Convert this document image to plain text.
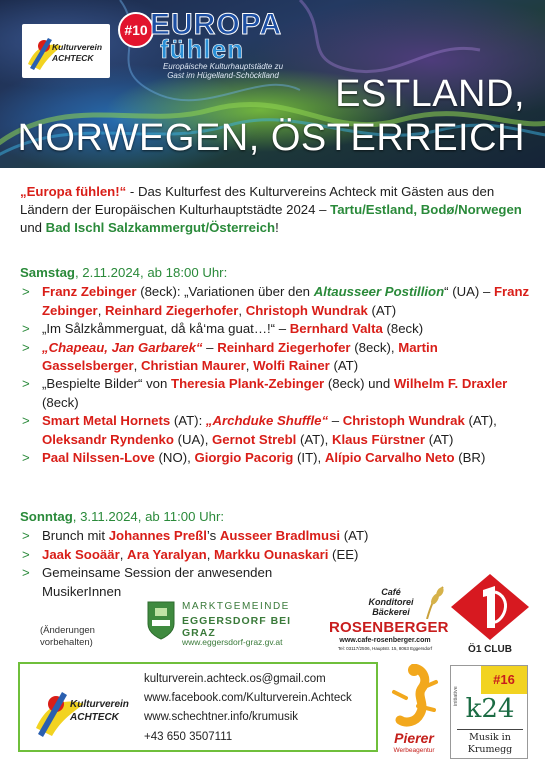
Kulturverein ACHTECK
#10 EUROPA
fühlen
Europäische Kulturhauptstädte zu Gast im Hügelland-Schöcklland	ESTLAND,
NORWEGEN, ÖSTERREICH
„Europa fühlen!“ - Das Kulturfest des Kulturvereins Achteck mit Gästen aus den Ländern der Europäischen Kulturhauptstädte 2024 – Tartu/Estland, Bodø/Norwegen und Bad Ischl Salzkammergut/Österreich!
Samstag, 2.11.2024, ab 18:00 Uhr:
> Franz Zebinger (8eck): „Variationen über den Altausseer Postillion“ (UA) – Franz Zebinger, Reinhard Ziegerhofer, Christoph Wundrak (AT)
> „Im Sålzkåmmerguat, då kå‘ma guat…!“ – Bernhard Valta (8eck)
> „Chapeau, Jan Garbarek“ – Reinhard Ziegerhofer (8eck), Martin Gasselsberger, Christian Maurer, Wolfi Rainer (AT)
> „Bespielte Bilder“ von Theresia Plank-Zebinger (8eck) und Wilhelm F. Draxler (8eck)
> Smart Metal Hornets (AT): „Archduke Shuffle“ – Christoph Wundrak (AT), Oleksandr Ryndenko (UA), Gernot Strebl (AT), Klaus Fürstner (AT)
> Paal Nilssen-Love (NO), Giorgio Pacorig (IT), Alípio Carvalho Neto (BR)
Sonntag, 3.11.2024, ab 11:00 Uhr:
> Brunch mit Johannes Preßl’s Ausseer Bradlmusi (AT)
> Jaak Sooäär, Ara Yaralyan, Markku Ounaskari (EE)
> Gemeinsame Session der anwesenden MusikerInnen
(Änderungen
vorbehalten)
MARKTGEMEINDE
EGGERSDORF BEI GRAZ
www.eggersdorf-graz.gv.at
Café Konditorei Bäckerei
ROSENBERGER
www.cafe-rosenberger.com
Tel: 03117/2506, Hauptstr. 15, 8063 Eggersdorf	Ö1 CLUB
Kulturverein ACHTECK
kulturverein.achteck.os@gmail.com
www.facebook.com/Kulturverein.Achteck
www.schechtner.info/krumusik
+43 650 3507111	Pierer
Werbeagentur
#16
initiative k24
Musik in
Krumegg
